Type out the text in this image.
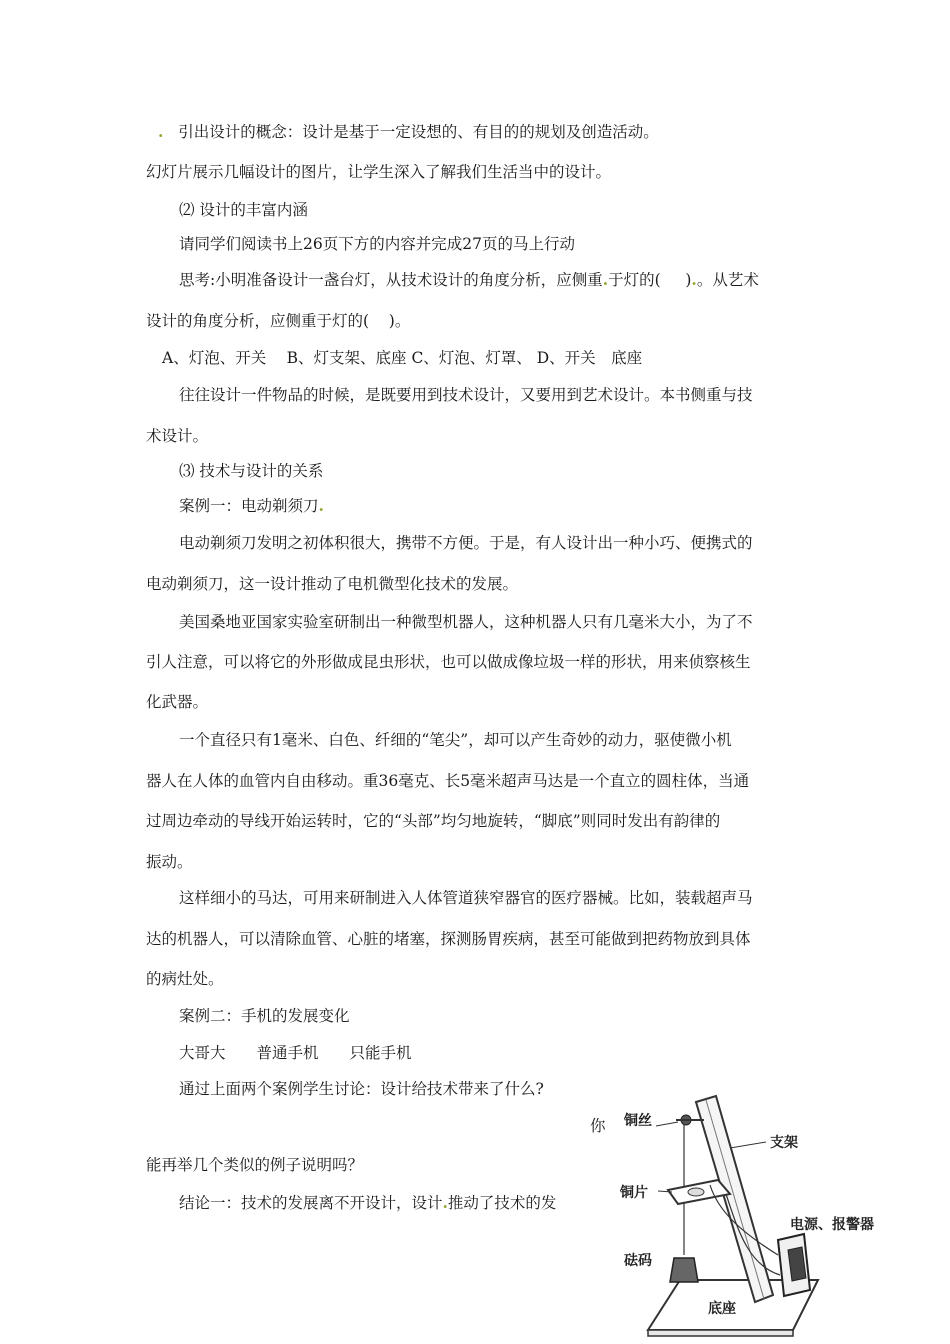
. 引出设计的概念：设计是基于一定设想的、有目的的规划及创造活动。
幻灯片展示几幅设计的图片，让学生深入了解我们生活当中的设计。
⑵ 设计的丰富内涵
请同学们阅读书上26页下方的内容并完成27页的马上行动
思考:小明准备设计一盏台灯，从技术设计的角度分析，应侧重.于灯的( ).。从艺术
设计的角度分析，应侧重于灯的( )。
A、灯泡、开关　 B、灯支架、底座 C、灯泡、灯罩、 D、开关　底座
往往设计一件物品的时候，是既要用到技术设计，又要用到艺术设计。本书侧重与技
术设计。
⑶ 技术与设计的关系
案例一：电动剃须刀.
电动剃须刀发明之初体积很大，携带不方便。于是，有人设计出一种小巧、便携式的
电动剃须刀，这一设计推动了电机微型化技术的发展。
美国桑地亚国家实验室研制出一种微型机器人，这种机器人只有几毫米大小，为了不
引人注意，可以将它的外形做成昆虫形状，也可以做成像垃圾一样的形状，用来侦察核生
化武器。
一个直径只有1毫米、白色、纤细的“笔尖”，却可以产生奇妙的动力，驱使微小机
器人在人体的血管内自由移动。重36毫克、长5毫米超声马达是一个直立的圆柱体，当通
过周边牵动的导线开始运转时，它的“头部”均匀地旋转，“脚底”则同时发出有韵律的
振动。
这样细小的马达，可用来研制进入人体管道狭窄器官的医疗器械。比如，装载超声马
达的机器人，可以清除血管、心脏的堵塞，探测肠胃疾病，甚至可能做到把药物放到具体
的病灶处。
案例二：手机的发展变化
大哥大　　普通手机　　只能手机
通过上面两个案例学生讨论：设计给技术带来了什么?
你
能再举几个类似的例子说明吗？
结论一：技术的发展离不开设计，设计.推动了技术的发
铜丝
支架
铜片
电源、报警器
砝码
底座
